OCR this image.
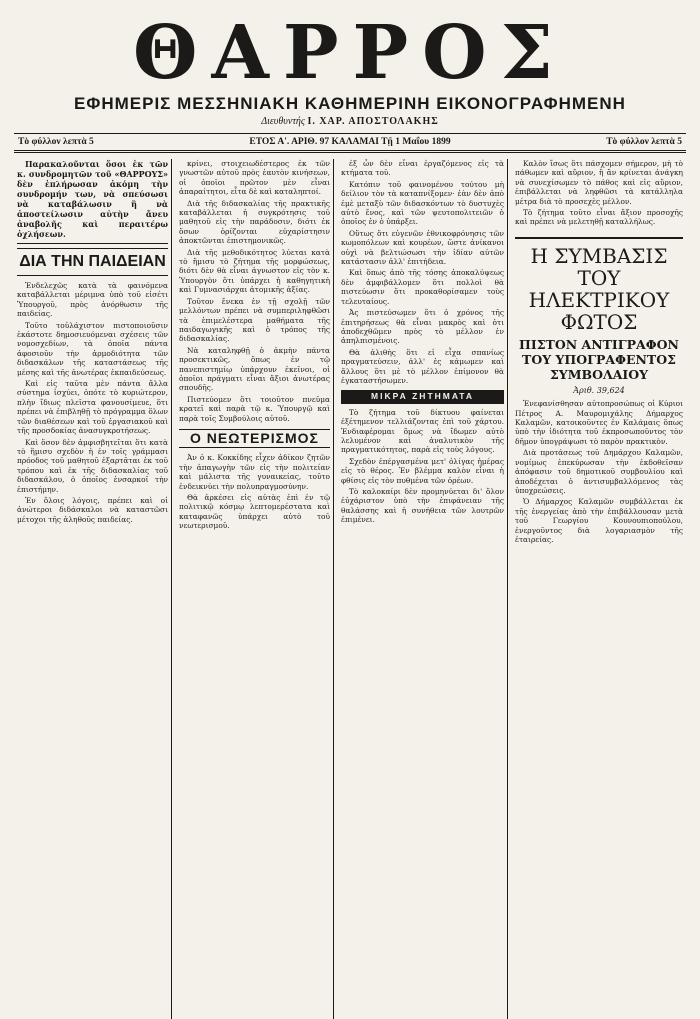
ΘΑΡΡΟΣ
ΕΦΗΜΕΡΙΣ ΜΕΣΣΗΝΙΑΚΗ ΚΑΘΗΜΕΡΙΝΗ ΕΙΚΟΝΟΓΡΑΦΗΜΕΝΗ
Διευθυντής Ι. ΧΑΡ. ΑΠΟΣΤΟΛΑΚΗΣ
Τὸ φύλλον λεπτὰ 5	ΕΤΟΣ Α'. ΑΡΙΘ. 97 ΚΑΛΑΜΑΙ Τῇ 1 Μαΐου 1899	Τὸ φύλλον λεπτὰ 5

Παρακαλοῦνται ὅσοι ἐκ τῶν κ. συνδρομητῶν τοῦ «ΘΑΡΡΟΥΣ» δὲν ἐπλήρωσαν ἀκόμη τὴν συνδρομήν των, νὰ σπεύσωσι νὰ καταβάλωσιν ἢ νὰ ἀποστείλωσιν αὐτὴν ἄνευ ἀναβολῆς καὶ περαιτέρω ὀχλήσεων.

ΔΙΑ ΤΗΝ ΠΑΙΔΕΙΑΝ

Ἐνδελεχῶς κατὰ τὰ φαινόμενα καταβάλλεται μέριμνα ὑπὸ τοῦ εἰσέτι Ὑπουργοῦ, πρὸς ἀνόρθωσιν τῆς παιδείας.

Τοῦτο τοὐλάχιστον πιστοποιοῦσιν ἑκάστοτε δημοσιευόμεναι σχέσεις τῶν νομοσχεδίων, τὰ ὁποῖα πάντα ἀφοσιοῦν τὴν ἀρμοδιότητα τῶν διδασκάλων τῆς καταστάσεως τῆς μέσης καὶ τῆς ἀνωτέρας ἐκπαιδεύσεως.

Καὶ εἰς ταῦτα μὲν πάντα ἄλλα σύστημα ἰσχύει, ὁπότε τὸ κυριώτερον, πλὴν ἴδιως πλεῖστα φανουσίμευε, ὅτι πρέπει νὰ ἐπιβληθῇ τὸ πρόγραμμα ὅλων τῶν διαθέσεων καὶ τοῦ ἐργασιακοῦ καὶ τῆς προσδοκίας ἀνασυγκροτήσεως.

Καὶ ὅσον δὲν ἀμφισβητεῖται ὅτι κατὰ τὸ ἥμισυ σχεδὸν ἡ ἐν τοῖς γράμμασι πρόοδος τοῦ μαθητοῦ ἐξαρτᾶται ἐκ τοῦ τρόπου καὶ ἐκ τῆς διδασκαλίας τοῦ διδασκάλου, ὁ ὁποῖος ἐνσαρκοῖ τὴν ἐπιστήμην.

Ἐν ὅλοις λόγοις, πρέπει καὶ οἱ ἀνώτεροι διδάσκαλοι νὰ καταστῶσι μέτοχοι τῆς ἀληθοῦς παιδείας.

κρίνει, στοιχειωδέστερος ἐκ τῶν γνωστῶν αὐτοῦ πρὸς ἑαυτὸν κινήσεων, οἱ ὁποῖοι πρῶτον μὲν εἶναι ἀπαραίτητοι, εἶτα δὲ καὶ καταληπτοί.

Διὰ τῆς διδασκαλίας τῆς πρακτικῆς καταβάλλεται ἡ συγκρότησις τοῦ μαθητοῦ εἰς τὴν παράδοσιν, διότι ἐκ ὅσων ὁρίζονται εὐχαρίστησιν ἀποκτῶνται ἐπιστημονικῶς.

Διὰ τῆς μεθοδικότητος λύεται κατὰ τὸ ἥμισυ τὸ ζήτημα τῆς μορφώσεως, διότι δὲν θὰ εἶναι ἀγνωστον εἰς τὸν κ. Ὑπουργὸν ὅτι ὑπάρχει ἡ καθηγητικὴ καὶ Γυμνασιάρχαι ἀτομικῆς ἀξίας.

Τοῦτον ἔνεκα ἐν τῇ σχολῇ τῶν μελλόντων πρέπει νὰ συμπεριληφθῶσι τὰ ἐπιμελέστερα μαθήματα τῆς παιδαγωγικῆς καὶ ὁ τρόπος τῆς διδασκαλίας.

Νὰ καταληφθῇ ὁ ἀκμὴν πάντα προσεκτικῶς, ὅπως ἐν τῷ πανεπιστημίῳ ὑπάρχουν ἐκεῖνοι, οἱ ὁποῖοι πράγματι εἶναι ἄξιοι ἀνωτέρας σπουδῆς.

Πιστεύομεν ὅτι τοιοῦτον πνεῦμα κρατεῖ καὶ παρὰ τῷ κ. Ὑπουργῷ καὶ παρὰ τοῖς Συμβούλοις αὐτοῦ.

Ο ΝΕΩΤΕΡΙΣΜΟΣ

Ἀν ὁ κ. Κοκκίδης εἶχεν ἀδίκον ζητῶν τὴν ἀπαγωγὴν τῶν εἰς τὴν πολιτείαν καὶ μάλιστα τῆς γυναικείας, τοῦτο ἐνδεικνύει τὴν πολυπραγμοσύνην.

Θὰ ἀρκέσει εἰς αὐτὰς ἐπὶ ἐν τῷ πολιτικῷ κόσμῳ λεπτομερέστατα καὶ καταφανῶς ὑπάρχει αὐτὸ τοῦ νεωτερισμοῦ.

ἐξ ὧν δὲν εἶναι ἐργαζόμενος εἰς τὰ κτήματα τοῦ.

Κατόπιν τοῦ φαινομένου τούτου μὴ δείλιον τὸν τὰ καταπνίξομεν· ἐὰν δὲν ἀπὸ ἐμὲ μεταξὺ τῶν διδασκόντων τὸ δυστυχὲς αὐτὸ ἔνος, καὶ τῶν ψευτοπολιτειῶν ὁ ὁποῖος ἐν ὁ ὑπάρξει.

Οὕτως ὅτι εὐγενῶν ἐθνικοφρόνησις τῶν κωμοπόλεων καὶ κουρέων, ὥστε ἀνίκανοι οὐχὶ νὰ βελτιώσωσι τὴν ἰδίαν αὐτῶν κατάστασιν ἀλλ' ἐπιτήδεια.

Καὶ ὅπως ἀπὸ τῆς τόσης ἀποκαλύψεως δὲν ἀμφιβάλλομεν ὅτι πολλοὶ θὰ πιστεύωσιν ὅτι προκαθορίσαμεν τοὺς τελευταίους.

Ἀς πιστεύσωμεν ὅτι ὁ χρόνος τῆς ἐπιτηρήσεως θὰ εἶναι μακρὸς καὶ ὁτι ἀποδεχθῶμεν πρὸς τὸ μέλλον ἐν ἀπηλπισμένοις.

Θὰ ἀλιθὴς ὅτι εἰ εἶχα σπανίως πραγματεύσειν, ἀλλ' ἐς κάμωμεν καὶ ἄλλους ὅτι μὲ τὸ μέλλον ἐπίμονον θὰ ἐγκαταστήσωμεν.

ΜΙΚΡΑ ΖΗΤΗΜΑΤΑ

Τὸ ζήτημα τοῦ δίκτυου φαίνεται ἐξέτημενον τελλιάζοντας ἐπὶ τοῦ χάρτου. Ἐνδιαφέρομαι ὅμως νὰ ἴδωμεν αὐτὸ λελυμένον καὶ ἀναλυτικὸν τῆς πραγματικότητος, παρὰ εἰς τοὺς λόγους.

Σχεδὸν ἐπέργασμένα μετ' ὀλίγας ἡμέρας εἰς τὸ θέρος. Ἐν βλέμμα καλὸν εἶναι ἡ φθίσις εἰς τὸν πυθμένα τῶν ὀρέων.

Τὸ καλοκαίρι δὲν προμηνύεται δι' ὅλον ἐὐχάριστον ὑπὸ τὴν ἐπιφάνειαν τῆς θαλάσσης καὶ ἡ συνήθεια τῶν λουτρῶν ἐπιμένει.

Καλὸν ἴσως ὅτι πάσχομεν σήμερον, μὴ τὸ πάθωμεν καὶ αὔριον, ἢ ἂν κρίνεται ἀνάγκη νὰ συνεχίσωμεν τὸ πάθος καὶ εἰς αὔριον, ἐπιβάλλεται νὰ ληφθῶσι τὰ κατάλληλα μέτρα διὰ τὸ προσεχὲς μέλλον.

Τὸ ζήτημα τοῦτο εἶναι ἄξιον προσοχῆς καὶ πρέπει νὰ μελετηθῇ καταλλήλως.

Η ΣΥΜΒΑΣΙΣ ΤΟΥ ΗΛΕΚΤΡΙΚΟΥ ΦΩΤΟΣ
ΠΙΣΤΟΝ ΑΝΤΙΓΡΑΦΟΝ ΤΟΥ ΥΠΟΓΡΑΦΕΝΤΟΣ ΣΥΜΒΟΛΑΙΟΥ
Ἀριθ. 39,624

Ἐνεφανίσθησαν αὐτοπροσώπως οἱ Κύριοι Πέτρος Α. Μαυρομιχάλης Δήμαρχος Καλαμῶν, κατοικοῦντες ἐν Καλάμαις ὅπως ὑπὸ τὴν ἰδιότητα τοῦ ἐκπροσωποῦντος τὸν δῆμον ὑπογράψωσι τὸ παρὸν πρακτικὸν.

Διὰ προτάσεως τοῦ Δημάρχου Καλαμῶν, νομίμως ἐπεκύρωσαν τὴν ἐκδοθεῖσαν ἀπόφασιν τοῦ δημοτικοῦ συμβουλίου καὶ ἀποδέχεται ὁ ἀντισυμβαλλόμενος τὰς ὑποχρεώσεις.

Ὁ Δήμαρχος Καλαμῶν συμβάλλεται ἐκ τῆς ἐνεργείας ἀπὸ τὴν ἐπιβάλλουσαν μετὰ τοῦ Γεωργίου Κουνουπιοπούλου, ἐνεργοῦντος διὰ λογαριασμὸν τῆς ἐταιρείας.
